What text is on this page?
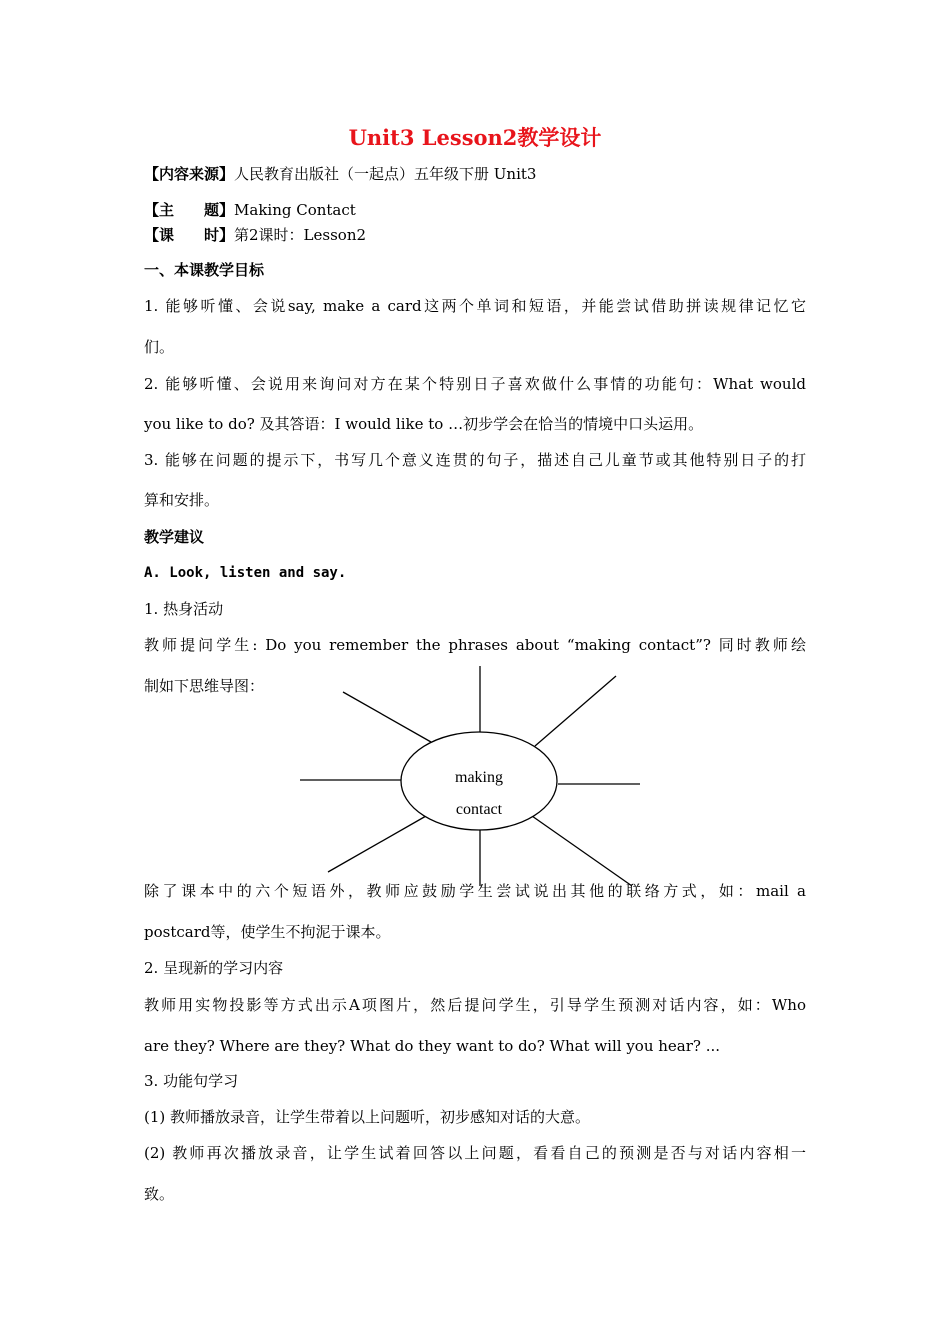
Unit3 Lesson2教学设计
【内容来源】人民教育出版社（一起点）五年级下册 Unit3
【主　　题】Making Contact
【课　　时】第2课时：Lesson2
一、本课教学目标
1. 能够听懂、会说say, make a card这两个单词和短语，并能尝试借助拼读规律记忆它
们。
2. 能够听懂、会说用来询问对方在某个特别日子喜欢做什么事情的功能句：What would
you like to do? 及其答语：I would like to …初步学会在恰当的情境中口头运用。
3. 能够在问题的提示下，书写几个意义连贯的句子，描述自己儿童节或其他特别日子的打
算和安排。
教学建议
A. Look, listen and say.
1. 热身活动
教师提问学生: Do you remember the phrases about “making contact”? 同时教师绘
制如下思维导图：
making
contact
除了课本中的六个短语外，教师应鼓励学生尝试说出其他的联络方式，如：mail a
postcard等，使学生不拘泥于课本。
2. 呈现新的学习内容
教师用实物投影等方式出示A项图片，然后提问学生，引导学生预测对话内容，如：Who
are they? Where are they? What do they want to do? What will you hear? ...
3. 功能句学习
(1) 教师播放录音，让学生带着以上问题听，初步感知对话的大意。
(2) 教师再次播放录音，让学生试着回答以上问题，看看自己的预测是否与对话内容相一
致。
